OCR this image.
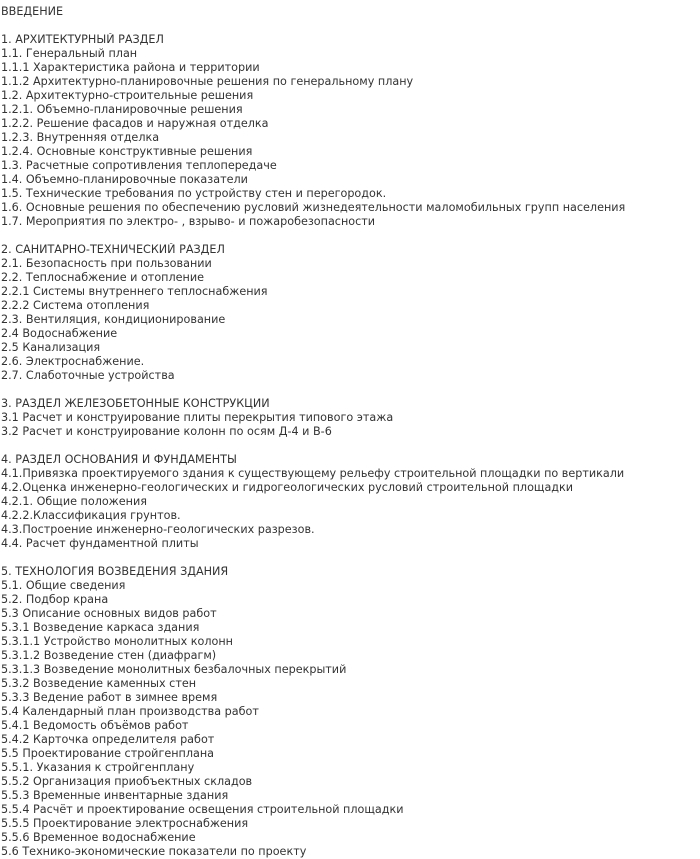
ВВЕДЕНИЕ
1. АРХИТЕКТУРНЫЙ РАЗДЕЛ
1.1. Генеральный план
1.1.1 Характеристика района и территории
1.1.2 Архитектурно-планировочные решения по генеральному плану
1.2. Архитектурно-строительные решения
1.2.1. Объемно-планировочные решения
1.2.2. Решение фасадов и наружная отделка
1.2.3. Внутренняя отделка
1.2.4. Основные конструктивные решения
1.3. Расчетные сопротивления теплопередаче
1.4. Объемно-планировочные показатели
1.5. Технические требования по устройству стен и перегородок.
1.6. Основные решения по обеспечению русловий жизнедеятельности маломобильных групп населения
1.7. Мероприятия по электро- , взрыво- и пожаробезопасности
2. САНИТАРНО-ТЕХНИЧЕСКИЙ РАЗДЕЛ
2.1. Безопасность при пользовании
2.2. Теплоснабжение и отопление
2.2.1 Системы внутреннего теплоснабжения
2.2.2 Система отопления
2.3. Вентиляция, кондиционирование
2.4 Водоснабжение
2.5 Канализация
2.6. Электроснабжение.
2.7. Слаботочные устройства
3. РАЗДЕЛ ЖЕЛЕЗОБЕТОННЫЕ КОНСТРУКЦИИ
3.1 Расчет и конструирование плиты перекрытия типового этажа
3.2 Расчет и конструирование колонн по осям Д-4 и В-6
4. РАЗДЕЛ ОСНОВАНИЯ И ФУНДАМЕНТЫ
4.1.Привязка проектируемого здания к существующему рельефу строительной площадки по вертикали
4.2.Оценка инженерно-геологических и гидрогеологических русловий строительной площадки
4.2.1. Общие положения
4.2.2.Классификация грунтов.
4.3.Построение инженерно-геологических разрезов.
4.4. Расчет фундаментной плиты
5. ТЕХНОЛОГИЯ ВОЗВЕДЕНИЯ ЗДАНИЯ
5.1. Общие сведения
5.2. Подбор крана
5.3 Описание основных видов работ
5.3.1 Возведение каркаса здания
5.3.1.1 Устройство монолитных колонн
5.3.1.2 Возведение стен (диафрагм)
5.3.1.3 Возведение монолитных безбалочных перекрытий
5.3.2 Возведение каменных стен
5.3.3 Ведение работ в зимнее время
5.4 Календарный план производства работ
5.4.1 Ведомость объёмов работ
5.4.2 Карточка определителя работ
5.5 Проектирование стройгенплана
5.5.1. Указания к стройгенплану
5.5.2 Организация приобъектных складов
5.5.3 Временные инвентарные здания
5.5.4 Расчёт и проектирование освещения строительной площадки
5.5.5 Проектирование электроснабжения
5.5.6 Временное водоснабжение
5.6 Технико-экономические показатели по проекту
